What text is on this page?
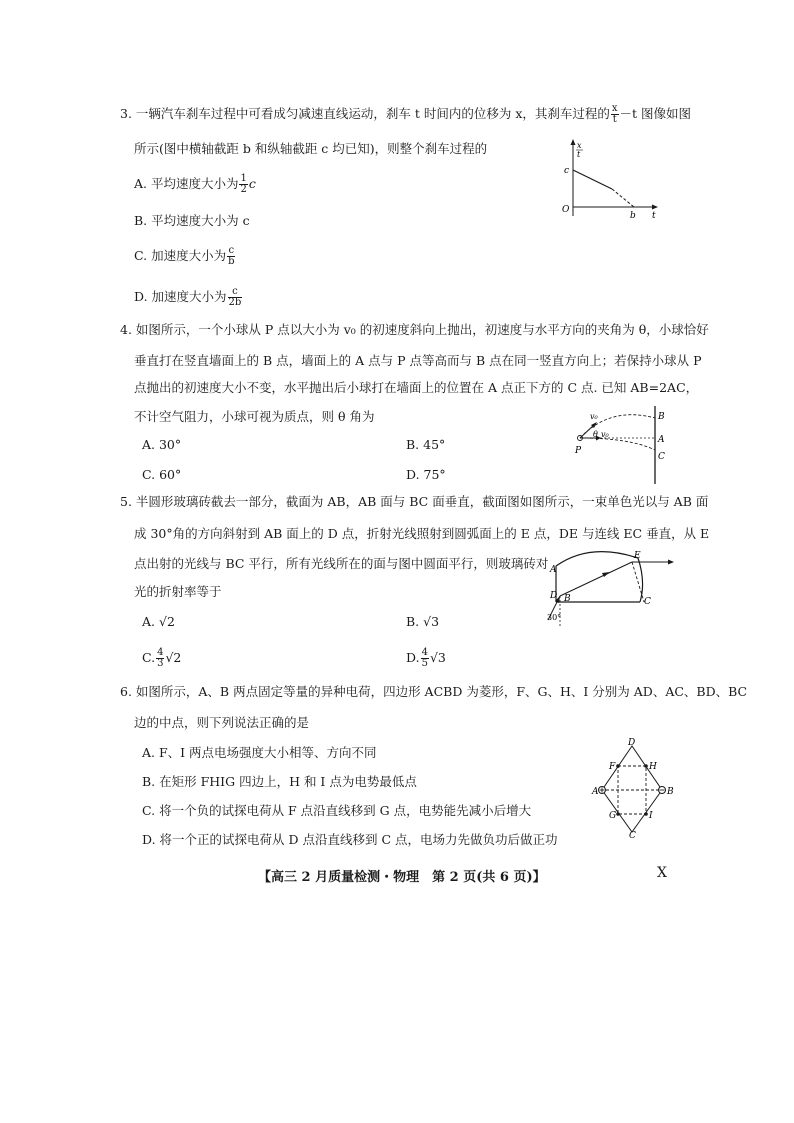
3. 一辆汽车刹车过程中可看成匀减速直线运动，刹车 t 时间内的位移为 x，其刹车过程的 $\frac{x}{t} -t$ 图像如图
所示(图中横轴截距 b 和纵轴截距 c 均已知)，则整个刹车过程的
A. 平均速度大小为 $\frac{1}{2}$ c
B. 平均速度大小为 c
C. 加速度大小为 $\frac{c}{b}$
D. 加速度大小为 $\frac{c}{2b}$
x
t
c
O
b t
4. 如图所示，一个小球从 P 点以大小为 v₀ 的初速度斜向上抛出，初速度与水平方向的夹角为 θ，小球恰好
垂直打在竖直墙面上的 B 点，墙面上的 A 点与 P 点等高而与 B 点在同一竖直方向上；若保持小球从 P
点抛出的初速度大小不变，水平抛出后小球打在墙面上的位置在 A 点正下方的 C 点. 已知 AB=2AC，
不计空气阻力，小球可视为质点，则 θ 角为
A. 30°	B. 45°
C. 60°	D. 75°
v₀
θ v₀
B
A
C
P
5. 半圆形玻璃砖截去一部分，截面为 AB，AB 面与 BC 面垂直，截面图如图所示，一束单色光以与 AB 面
成 30°角的方向斜射到 AB 面上的 D 点，折射光线照射到圆弧面上的 E 点，DE 与连线 EC 垂直，从 E
点出射的光线与 BC 平行，所有光线所在的面与图中圆面平行，则玻璃砖对
光的折射率等于
A. √2	B. √3
C. $\frac{4}{3} √2$	D. $\frac{4}{5} √3$
A
D B
E
C
30°
6. 如图所示，A、B 两点固定等量的异种电荷，四边形 ACBD 为菱形，F、G、H、I 分别为 AD、AC、BD、BC
边的中点，则下列说法正确的是
A. F、I 两点电场强度大小相等、方向不同
B. 在矩形 FHIG 四边上，H 和 I 点为电势最低点
C. 将一个负的试探电荷从 F 点沿直线移到 G 点，电势能先减小后增大
D. 将一个正的试探电荷从 D 点沿直线移到 C 点，电场力先做负功后做正功
D
F	H
A	B
G	I
C
【高三 2 月质量检测・物理　第 2 页(共 6 页)】	X
